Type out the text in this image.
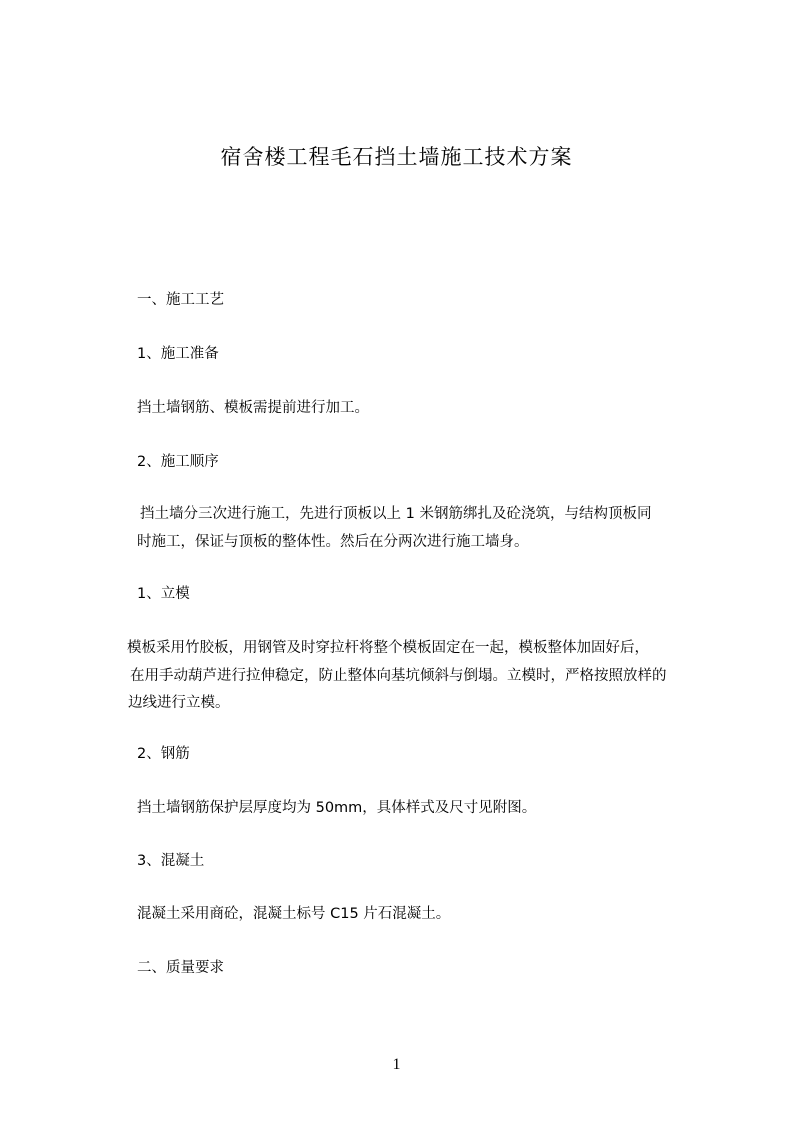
宿舍楼工程毛石挡土墙施工技术方案
一、施工工艺
1、施工准备
挡土墙钢筋、模板需提前进行加工。
2、施工顺序
挡土墙分三次进行施工，先进行顶板以上 1 米钢筋绑扎及砼浇筑，与结构顶板同
时施工，保证与顶板的整体性。然后在分两次进行施工墙身。
1、立模
模板采用竹胶板，用钢管及时穿拉杆将整个模板固定在一起，模板整体加固好后，
在用手动葫芦进行拉伸稳定，防止整体向基坑倾斜与倒塌。立模时，严格按照放样的
边线进行立模。
2、钢筋
挡土墙钢筋保护层厚度均为 50mm，具体样式及尺寸见附图。
3、混凝土
混凝土采用商砼，混凝土标号 C15 片石混凝土。
二、质量要求
1
